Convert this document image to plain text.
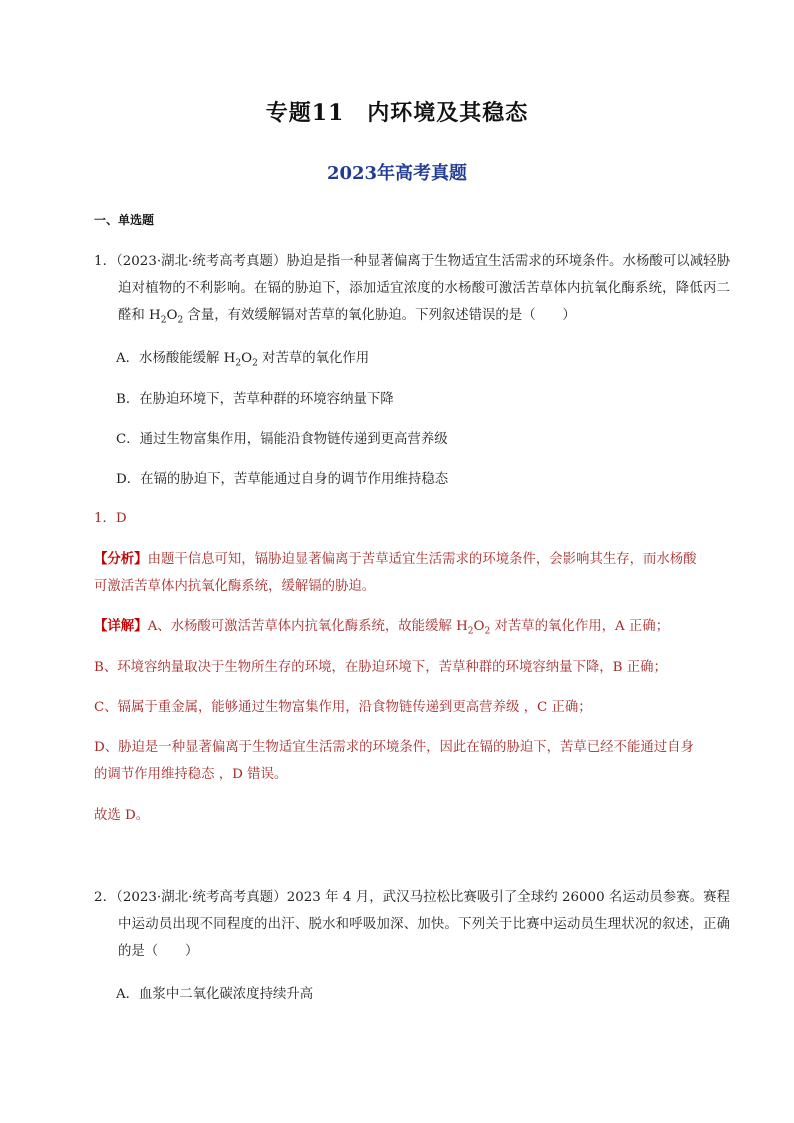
专题11　内环境及其稳态
2023年高考真题
一、单选题
1．（2023·湖北·统考高考真题）胁迫是指一种显著偏离于生物适宜生活需求的环境条件。水杨酸可以减轻胁迫对植物的不利影响。在镉的胁迫下，添加适宜浓度的水杨酸可激活苦草体内抗氧化酶系统，降低丙二醛和 $H_2O_2$ 含量，有效缓解镉对苦草的氧化胁迫。下列叙述错误的是（　　）
A．水杨酸能缓解 $H_2O_2$ 对苦草的氧化作用
B．在胁迫环境下，苦草种群的环境容纳量下降
C．通过生物富集作用，镉能沿食物链传递到更高营养级
D．在镉的胁迫下，苦草能通过自身的调节作用维持稳态
1．D
【分析】由题干信息可知，镉胁迫显著偏离于苦草适宜生活需求的环境条件，会影响其生存，而水杨酸可激活苦草体内抗氧化酶系统，缓解镉的胁迫。
【详解】A、水杨酸可激活苦草体内抗氧化酶系统，故能缓解 $H_2O_2$ 对苦草的氧化作用，A 正确；
B、环境容纳量取决于生物所生存的环境，在胁迫环境下，苦草种群的环境容纳量下降，B 正确；
C、镉属于重金属，能够通过生物富集作用，沿食物链传递到更高营养级 ，C 正确；
D、胁迫是一种显著偏离于生物适宜生活需求的环境条件，因此在镉的胁迫下，苦草已经不能通过自身的调节作用维持稳态 ，D 错误。
故选 D。
2．（2023·湖北·统考高考真题）2023 年 4 月，武汉马拉松比赛吸引了全球约 26000 名运动员参赛。赛程中运动员出现不同程度的出汗、脱水和呼吸加深、加快。下列关于比赛中运动员生理状况的叙述，正确的是（　　）
A．血浆中二氧化碳浓度持续升高
